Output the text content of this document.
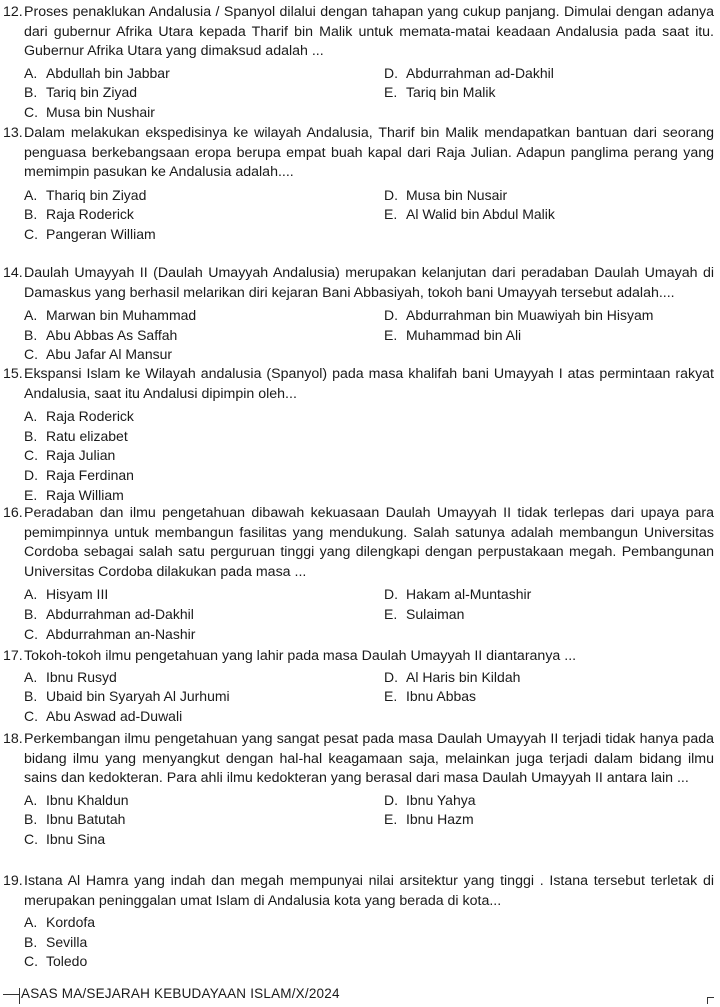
12. Proses penaklukan Andalusia / Spanyol dilalui dengan tahapan yang cukup panjang. Dimulai dengan adanya dari gubernur Afrika Utara kepada Tharif bin Malik untuk memata-matai keadaan Andalusia pada saat itu. Gubernur Afrika Utara yang dimaksud adalah ...
A. Abdullah bin Jabbar	D. Abdurrahman ad-Dakhil
B. Tariq bin Ziyad	E. Tariq bin Malik
C. Musa bin Nushair
13. Dalam melakukan ekspedisinya ke wilayah Andalusia, Tharif bin Malik mendapatkan bantuan dari seorang penguasa berkebangsaan eropa berupa empat buah kapal dari Raja Julian. Adapun panglima perang yang memimpin pasukan ke Andalusia adalah....
A. Thariq bin Ziyad	D. Musa bin Nusair
B. Raja Roderick	E. Al Walid bin Abdul Malik
C. Pangeran William
14. Daulah Umayyah II (Daulah Umayyah Andalusia) merupakan kelanjutan dari peradaban Daulah Umayah di Damaskus yang berhasil melarikan diri kejaran Bani Abbasiyah, tokoh bani Umayyah tersebut adalah....
A. Marwan bin Muhammad	D. Abdurrahman bin Muawiyah bin Hisyam
B. Abu Abbas As Saffah	E. Muhammad bin Ali
C. Abu Jafar Al Mansur
15. Ekspansi Islam ke Wilayah andalusia (Spanyol) pada masa khalifah bani Umayyah I atas permintaan rakyat Andalusia, saat itu Andalusi dipimpin oleh...
A. Raja Roderick
B. Ratu elizabet
C. Raja Julian
D. Raja Ferdinan
E. Raja William
16. Peradaban dan ilmu pengetahuan dibawah kekuasaan Daulah Umayyah II tidak terlepas dari upaya para pemimpinnya untuk membangun fasilitas yang mendukung. Salah satunya adalah membangun Universitas Cordoba sebagai salah satu perguruan tinggi yang dilengkapi dengan perpustakaan megah. Pembangunan Universitas Cordoba dilakukan pada masa ...
A. Hisyam III	D. Hakam al-Muntashir
B. Abdurrahman ad-Dakhil	E. Sulaiman
C. Abdurrahman an-Nashir
17. Tokoh-tokoh ilmu pengetahuan yang lahir pada masa Daulah Umayyah II diantaranya ...
A. Ibnu Rusyd	D. Al Haris bin Kildah
B. Ubaid bin Syaryah Al Jurhumi	E. Ibnu Abbas
C. Abu Aswad ad-Duwali
18. Perkembangan ilmu pengetahuan yang sangat pesat pada masa Daulah Umayyah II terjadi tidak hanya pada bidang ilmu yang menyangkut dengan hal-hal keagamaan saja, melainkan juga terjadi dalam bidang ilmu sains dan kedokteran. Para ahli ilmu kedokteran yang berasal dari masa Daulah Umayyah II antara lain ...
A. Ibnu Khaldun	D. Ibnu Yahya
B. Ibnu Batutah	E. Ibnu Hazm
C. Ibnu Sina
19. Istana Al Hamra yang indah dan megah mempunyai nilai arsitektur yang tinggi . Istana tersebut terletak di merupakan peninggalan umat Islam di Andalusia kota yang berada di kota...
A. Kordofa
B. Sevilla
C. Toledo
ASAS MA/SEJARAH KEBUDAYAAN ISLAM/X/2024
